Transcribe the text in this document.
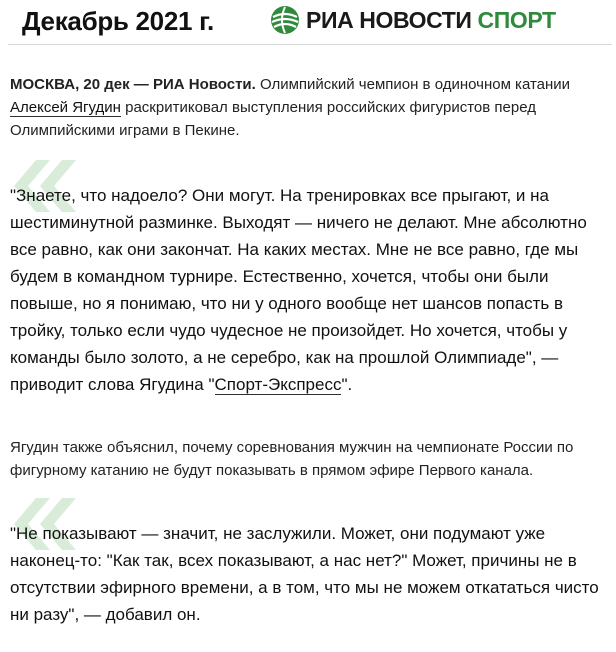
Декабрь 2021 г.	РИА НОВОСТИ СПОРТ
МОСКВА, 20 дек — РИА Новости. Олимпийский чемпион в одиночном катании Алексей Ягудин раскритиковал выступления российских фигуристов перед Олимпийскими играми в Пекине.
"Знаете, что надоело? Они могут. На тренировках все прыгают, и на шестиминутной разминке. Выходят — ничего не делают. Мне абсолютно все равно, как они закончат. На каких местах. Мне не все равно, где мы будем в командном турнире. Естественно, хочется, чтобы они были повыше, но я понимаю, что ни у одного вообще нет шансов попасть в тройку, только если чудо чудесное не произойдет. Но хочется, чтобы у команды было золото, а не серебро, как на прошлой Олимпиаде", — приводит слова Ягудина "Спорт-Экспресс".
Ягудин также объяснил, почему соревнования мужчин на чемпионате России по фигурному катанию не будут показывать в прямом эфире Первого канала.
"Не показывают — значит, не заслужили. Может, они подумают уже наконец-то: "Как так, всех показывают, а нас нет?" Может, причины не в отсутствии эфирного времени, а в том, что мы не можем откататься чисто ни разу", — добавил он.
